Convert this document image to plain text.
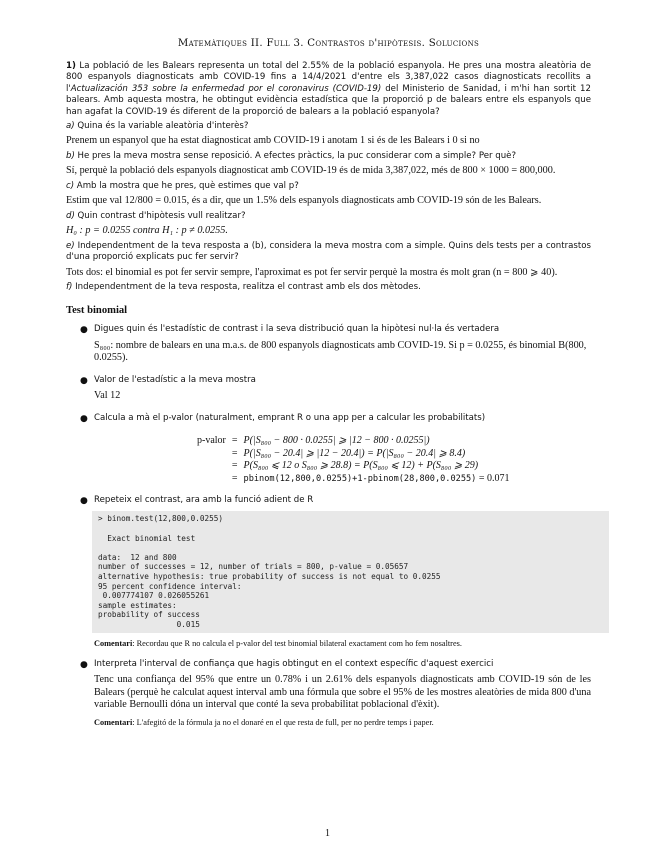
Matemàtiques II. Full 3. Contrastos d'hipòtesis. Solucions

1) La població de les Balears representa un total del 2.55% de la població espanyola. He pres una mostra aleatòria de 800 espanyols diagnosticats amb COVID-19 fins a 14/4/2021 d'entre els 3,387,022 casos diagnosticats recollits a l'Actualización 353 sobre la enfermedad por el coronavirus (COVID-19) del Ministerio de Sanidad, i m'hi han sortit 12 balears. Amb aquesta mostra, he obtingut evidència estadística que la proporció p de balears entre els espanyols que han agafat la COVID-19 és diferent de la proporció de balears a la població espanyola?

a) Quina és la variable aleatòria d'interès?

Prenem un espanyol que ha estat diagnosticat amb COVID-19 i anotam 1 si és de les Balears i 0 si no

b) He pres la meva mostra sense reposició. A efectes pràctics, la puc considerar com a simple? Per què?

Sí, perquè la població dels espanyols diagnosticat amb COVID-19 és de mida 3,387,022, més de 800 × 1000 = 800,000.

c) Amb la mostra que he pres, què estimes que val p?

Estim que val 12/800 = 0.015, és a dir, que un 1.5% dels espanyols diagnosticats amb COVID-19 són de les Balears.

d) Quin contrast d'hipòtesis vull realitzar?

H₀ : p = 0.0255 contra H₁ : p ≠ 0.0255.

e) Independentment de la teva resposta a (b), considera la meva mostra com a simple. Quins dels tests per a contrastos d'una proporció explicats puc fer servir?

Tots dos: el binomial es pot fer servir sempre, l'aproximat es pot fer servir perquè la mostra és molt gran (n = 800 ⩾ 40).

f) Independentment de la teva resposta, realitza el contrast amb els dos mètodes.

Test binomial
● Digues quin és l'estadístic de contrast i la seva distribució quan la hipòtesi nul·la és vertadera
S₈₀₀: nombre de balears en una m.a.s. de 800 espanyols diagnosticats amb COVID-19. Si p = 0.0255, és binomial B(800, 0.0255).
● Valor de l'estadístic a la meva mostra
Val 12
● Calcula a mà el p-valor (naturalment, emprant R o una app per a calcular les probabilitats)
p-valor	=	P(|S₈₀₀ − 800 · 0.0255| ⩾ |12 − 800 · 0.0255|)
	=	P(|S₈₀₀ − 20.4| ⩾ |12 − 20.4|) = P(|S₈₀₀ − 20.4| ⩾ 8.4)
	=	P(S₈₀₀ ⩽ 12 o S₈₀₀ ⩾ 28.8) = P(S₈₀₀ ⩽ 12) + P(S₈₀₀ ⩾ 29)
	=	pbinom(12,800,0.0255)+1-pbinom(28,800,0.0255) = 0.071
● Repeteix el contrast, ara amb la funció adient de R
> binom.test(12,800,0.0255)

Exact binomial test

data:  12 and 800
number of successes = 12, number of trials = 800, p-value = 0.05657
alternative hypothesis: true probability of success is not equal to 0.0255
95 percent confidence interval:
0.007774107 0.026055261
sample estimates:
probability of success
0.015
Comentari: Recordau que R no calcula el p-valor del test binomial bilateral exactament com ho fem nosaltres.
● Interpreta l'interval de confiança que hagis obtingut en el context específic d'aquest exercici
Tenc una confiança del 95% que entre un 0.78% i un 2.61% dels espanyols diagnosticats amb COVID-19 són de les Balears (perquè he calculat aquest interval amb una fórmula que sobre el 95% de les mostres aleatòries de mida 800 d'una variable Bernoulli dóna un interval que conté la seva probabilitat poblacional d'èxit).
Comentari: L'afegitó de la fórmula ja no el donaré en el que resta de full, per no perdre temps i paper.
1
